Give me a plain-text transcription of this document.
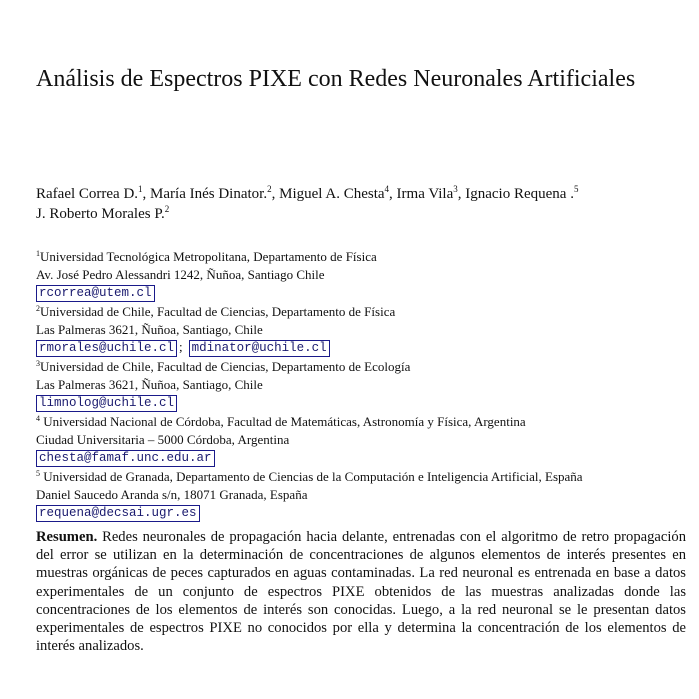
Análisis de Espectros PIXE con Redes Neuronales Artificiales
Rafael Correa D.$^1$, María Inés Dinator.$^2$, Miguel A. Chesta$^4$, Irma Vila$^3$, Ignacio Requena .$^5$
J. Roberto Morales P.$^2$
$^1$Universidad Tecnológica Metropolitana, Departamento de Física
Av. José Pedro Alessandri 1242, Ñuñoa, Santiago Chile
rcorrea@utem.cl
$^2$Universidad de Chile, Facultad de Ciencias, Departamento de Física
Las Palmeras 3621, Ñuñoa, Santiago, Chile
rmorales@uchile.cl ; mdinator@uchile.cl
$^3$Universidad de Chile, Facultad de Ciencias, Departamento de Ecología
Las Palmeras 3621, Ñuñoa, Santiago, Chile
limnolog@uchile.cl
$^4$ Universidad Nacional de Córdoba, Facultad de Matemáticas, Astronomía y Física, Argentina
Ciudad Universitaria – 5000 Córdoba, Argentina
chesta@famaf.unc.edu.ar
$^5$ Universidad de Granada, Departamento de Ciencias de la Computación e Inteligencia Artificial, España
Daniel Saucedo Aranda s/n, 18071 Granada, España
requena@decsai.ugr.es
Resumen. Redes neuronales de propagación hacia delante, entrenadas con el algoritmo de retro propagación del error se utilizan en la determinación de concentraciones de algunos elementos de interés presentes en muestras orgánicas de peces capturados en aguas contaminadas. La red neuronal es entrenada en base a datos experimentales de un conjunto de espectros PIXE obtenidos de las muestras analizadas donde las concentraciones de los elementos de interés son conocidas. Luego, a la red neuronal se le presentan datos experimentales de espectros PIXE no conocidos por ella y determina la concentración de los elementos de interés analizados.
